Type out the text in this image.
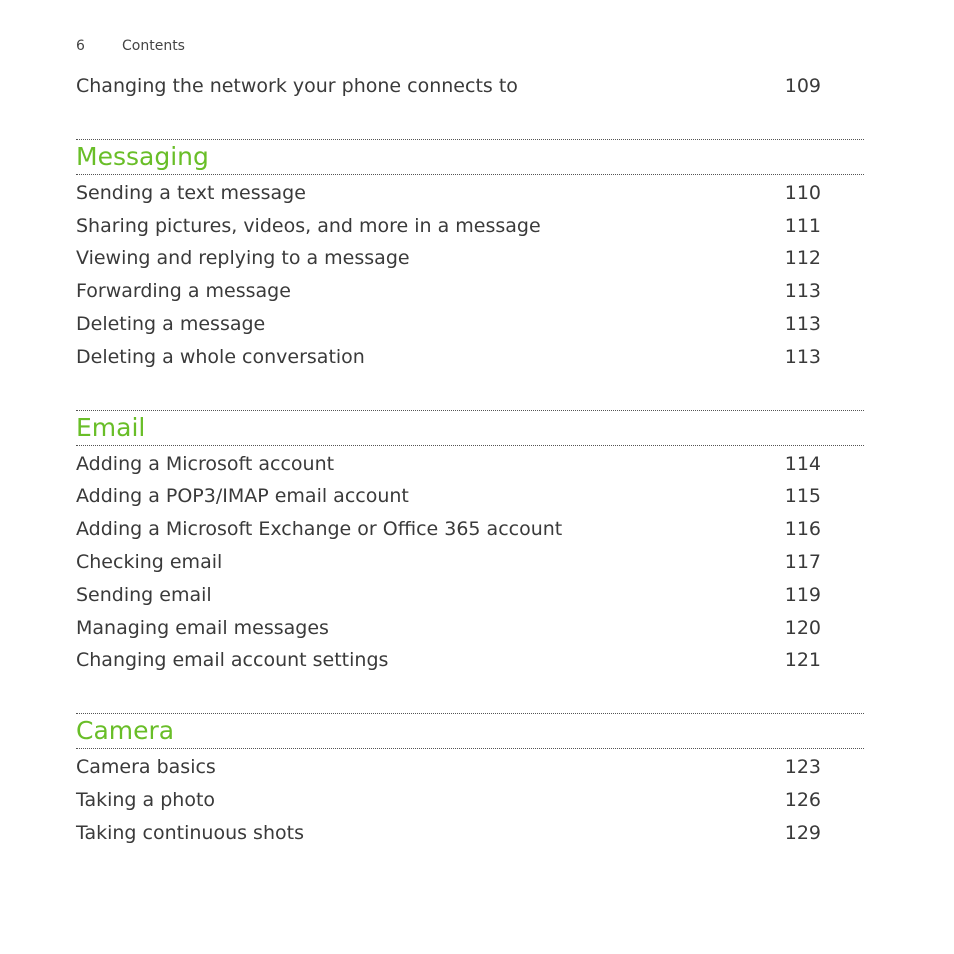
6	Contents
Changing the network your phone connects to	109
Messaging
Sending a text message	110
Sharing pictures, videos, and more in a message	111
Viewing and replying to a message	112
Forwarding a message	113
Deleting a message	113
Deleting a whole conversation	113
Email
Adding a Microsoft account	114
Adding a POP3/IMAP email account	115
Adding a Microsoft Exchange or Office 365 account	116
Checking email	117
Sending email	119
Managing email messages	120
Changing email account settings	121
Camera
Camera basics	123
Taking a photo	126
Taking continuous shots	129
